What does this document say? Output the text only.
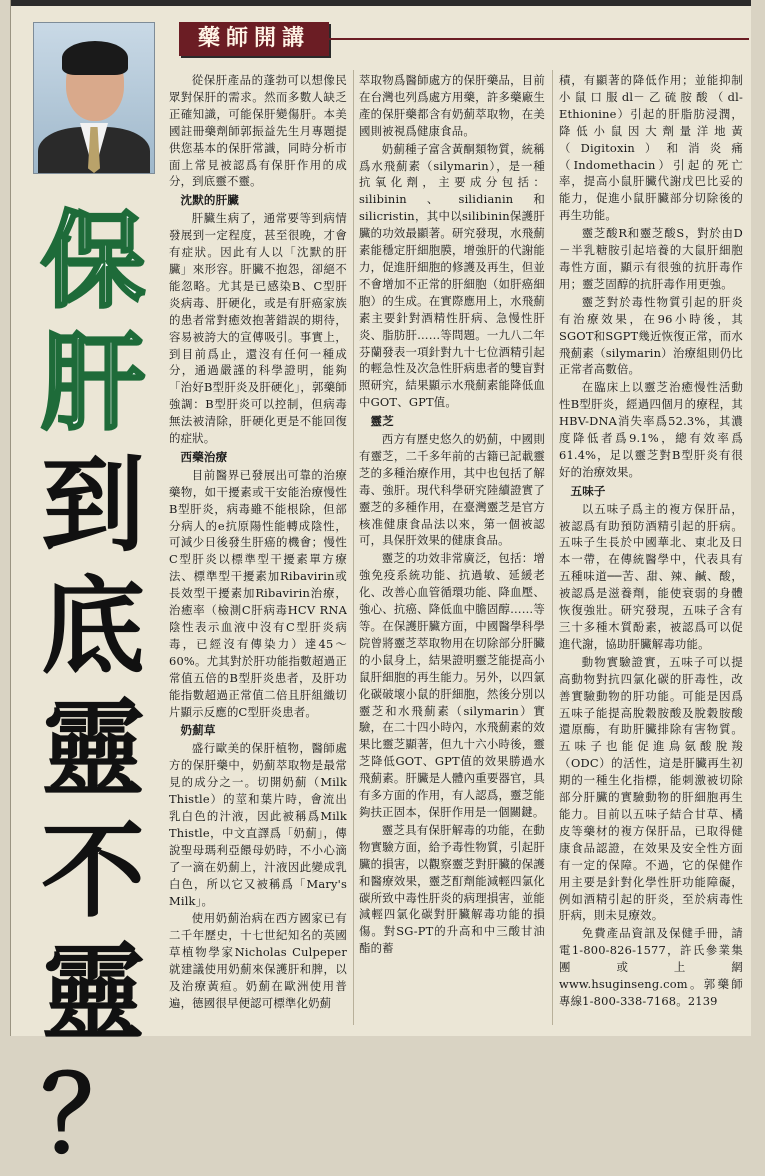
藥師開講
保
肝
到
底
靈
不
靈
？

從保肝產品的蓬勃可以想像民眾對保肝的需求。然而多數人缺乏正確知識，可能保肝變傷肝。本美國註冊藥劑師郭振益先生月專題提供您基本的保肝常識，同時分析市面上常見被認爲有保肝作用的成分，到底靈不靈。

沈默的肝臟

肝臟生病了，通常要等到病情發展到一定程度，甚至很晚，才會有症狀。因此有人以「沈默的肝臟」來形容。肝臟不抱怨，卻絕不能忽略。尤其是已感染B、C型肝炎病毒、肝硬化，或是有肝癌家族的患者常對癒效抱著錯誤的期待，容易被誇大的宣傳吸引。事實上，到目前爲止，還沒有任何一種成分，通過嚴謹的科學證明，能夠「治好B型肝炎及肝硬化」，郭藥師強調：B型肝炎可以控制，但病毒無法被清除，肝硬化更是不能回復的症狀。

西藥治療

目前醫界已發展出可靠的治療藥物，如干擾素或干安能治療慢性B型肝炎，病毒雖不能根除，但部分病人的e抗原陽性能轉成陰性，可減少日後發生肝癌的機會；慢性C型肝炎以標準型干擾素單方療法、標準型干擾素加Ribavirin或長效型干擾素加Ribavirin治療，治癒率（檢測C肝病毒HCV RNA陰性表示血液中沒有C型肝炎病毒，已經沒有傳染力）達45～60%。尤其對於肝功能指數超過正常值五倍的B型肝炎患者，及肝功能指數超過正常值二倍且肝組織切片顯示反應的C型肝炎患者。

奶薊草

盛行歐美的保肝植物，醫師處方的保肝藥中，奶薊萃取物是最常見的成分之一。切開奶薊（Milk Thistle）的莖和葉片時，會流出乳白色的汁液，因此被稱爲Milk Thistle，中文直譯爲「奶薊」，傳說聖母瑪利亞餵母奶時，不小心滴了一滴在奶薊上，汁液因此變成乳白色，所以它又被稱爲「Mary's Milk」。

使用奶薊治病在西方國家已有二千年歷史，十七世紀知名的英國草植物學家Nicholas Culpeper就建議使用奶薊來保護肝和脾，以及治療黃疸。奶薊在歐洲使用普遍，德國很早便認可標準化奶薊

萃取物爲醫師處方的保肝藥品，目前在台灣也列爲處方用藥，許多藥廠生產的保肝藥都含有奶薊萃取物，在美國則被視爲健康食品。

奶薊種子富含黃酮類物質，統稱爲水飛薊素（silymarin），是一種抗氧化劑，主要成分包括：silibinin、silidianin和silicristin，其中以silibinin保護肝臟的功效最顯著。研究發現，水飛薊素能穩定肝細胞膜，增強肝的代謝能力，促進肝細胞的修護及再生，但並不會增加不正常的肝細胞（如肝癌細胞）的生成。在實際應用上，水飛薊素主要針對酒精性肝病、急慢性肝炎、脂肪肝……等問題。一九八二年芬蘭發表一項針對九十七位酒精引起的輕急性及次急性肝病患者的雙盲對照研究，結果顯示水飛薊素能降低血中GOT、GPT值。

靈芝

西方有歷史悠久的奶薊，中國則有靈芝，二千多年前的古籍已記載靈芝的多種治療作用，其中也包括了解毒、強肝。現代科學研究陸續證實了靈芝的多種作用，在臺灣靈芝是官方核准健康食品法以來，第一個被認可，具保肝效果的健康食品。

靈芝的功效非常廣泛，包括：增強免疫系統功能、抗過敏、延緩老化、改善心血管循環功能、降血壓、強心、抗癌、降低血中膽固醇……等等。在保護肝臟方面，中國醫學科學院曾將靈芝萃取物用在切除部分肝臟的小鼠身上，結果證明靈芝能提高小鼠肝細胞的再生能力。另外，以四氯化碳破壞小鼠的肝細胞，然後分別以靈芝和水飛薊素（silymarin）實驗，在二十四小時內，水飛薊素的效果比靈芝顯著，但九十六小時後，靈芝降低GOT、GPT值的效果勝過水飛薊素。肝臟是人體內重要器官，具有多方面的作用，有人認爲，靈芝能夠扶正固本，保肝作用是一個關鍵。

靈芝具有保肝解毒的功能，在動物實驗方面，給予毒性物質，引起肝臟的損害，以觀察靈芝對肝臟的保護和醫療效果，靈芝酊劑能減輕四氯化碳所致中毒性肝炎的病理損害，並能減輕四氯化碳對肝臟解毒功能的損傷。對SG-PT的升高和中三酸甘油酯的蓄

積，有顯著的降低作用；並能抑制小鼠口服dl－乙硫胺酸（dl-Ethionine）引起的肝脂肪浸潤，降低小鼠因大劑量洋地黃（Digitoxin）和消炎痛（Indomethacin）引起的死亡率，提高小鼠肝臟代謝戊巴比妥的能力，促進小鼠肝臟部分切除後的再生功能。

靈芝酸R和靈芝酸S，對於由D－半乳糖胺引起培養的大鼠肝細胞毒性方面，顯示有很強的抗肝毒作用；靈芝固醇的抗肝毒作用更強。

靈芝對於毒性物質引起的肝炎有治療效果，在96小時後，其SGOT和SGPT幾近恢復正常，而水飛薊素（silymarin）治療組則仍比正常者高數倍。

在臨床上以靈芝治癒慢性活動性B型肝炎，經過四個月的療程，其HBV-DNA消失率爲52.3%，其濃度降低者爲9.1%，總有效率爲61.4%，足以靈芝對B型肝炎有很好的治療效果。

五味子

以五味子爲主的複方保肝品，被認爲有助預防酒精引起的肝病。五味子生長於中國華北、東北及日本一帶，在傳統醫學中，代表具有五種味道──苦、甜、辣、鹹、酸，被認爲是滋養劑，能使衰弱的身體恢復強壯。研究發現，五味子含有三十多種木質酚素，被認爲可以促進代謝，協助肝臟解毒功能。

動物實驗證實，五味子可以提高動物對抗四氯化碳的肝毒性，改善實驗動物的肝功能。可能是因爲五味子能提高脫穀胺酸及脫穀胺酸還原酶，有助肝臟排除有害物質。五味子也能促進鳥氨酸脫羧（ODC）的活性，這是肝臟再生初期的一種生化指標，能刺激被切除部分肝臟的實驗動物的肝細胞再生能力。目前以五味子結合甘草、橘皮等藥材的複方保肝品，已取得健康食品認證，在效果及安全性方面有一定的保障。不過，它的保健作用主要是針對化學性肝功能障礙，例如酒精引起的肝炎，至於病毒性肝病，則未見療效。

免費產品資訊及保健手冊，請電1-800-826-1577，許氏參業集團或上網www.hsuginseng.com。郭藥師專線1-800-338-7168。2139
